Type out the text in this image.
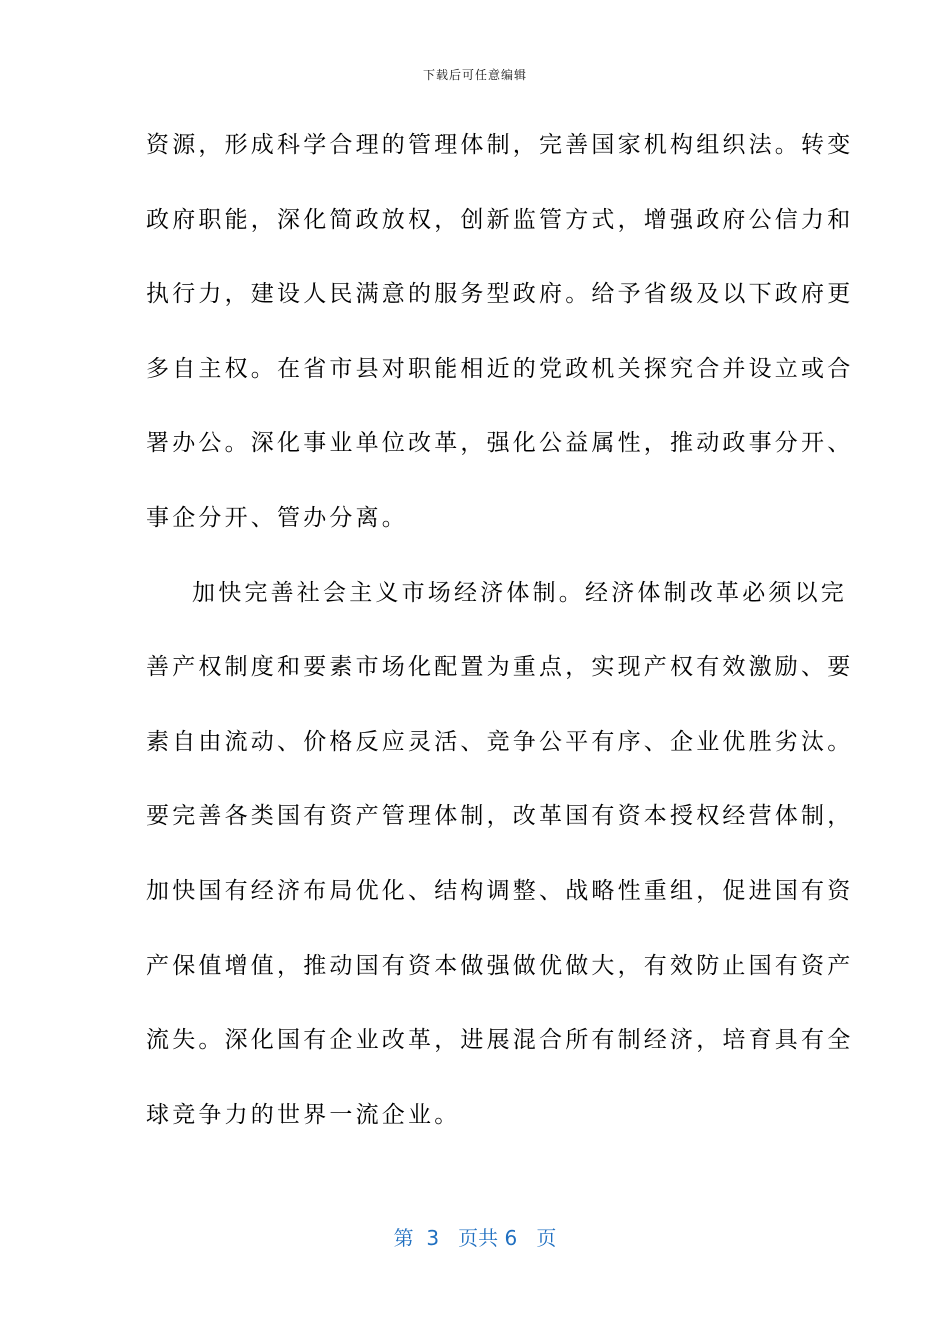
下载后可任意编辑
资源，形成科学合理的管理体制，完善国家机构组织法。转变
政府职能，深化简政放权，创新监管方式，增强政府公信力和
执行力，建设人民满意的服务型政府。给予省级及以下政府更
多自主权。在省市县对职能相近的党政机关探究合并设立或合
署办公。深化事业单位改革，强化公益属性，推动政事分开、
事企分开、管办分离。
加快完善社会主义市场经济体制。经济体制改革必须以完
善产权制度和要素市场化配置为重点，实现产权有效激励、要
素自由流动、价格反应灵活、竞争公平有序、企业优胜劣汰。
要完善各类国有资产管理体制，改革国有资本授权经营体制，
加快国有经济布局优化、结构调整、战略性重组，促进国有资
产保值增值，推动国有资本做强做优做大，有效防止国有资产
流失。深化国有企业改革，进展混合所有制经济，培育具有全
球竞争力的世界一流企业。
第  3   页共 6   页
